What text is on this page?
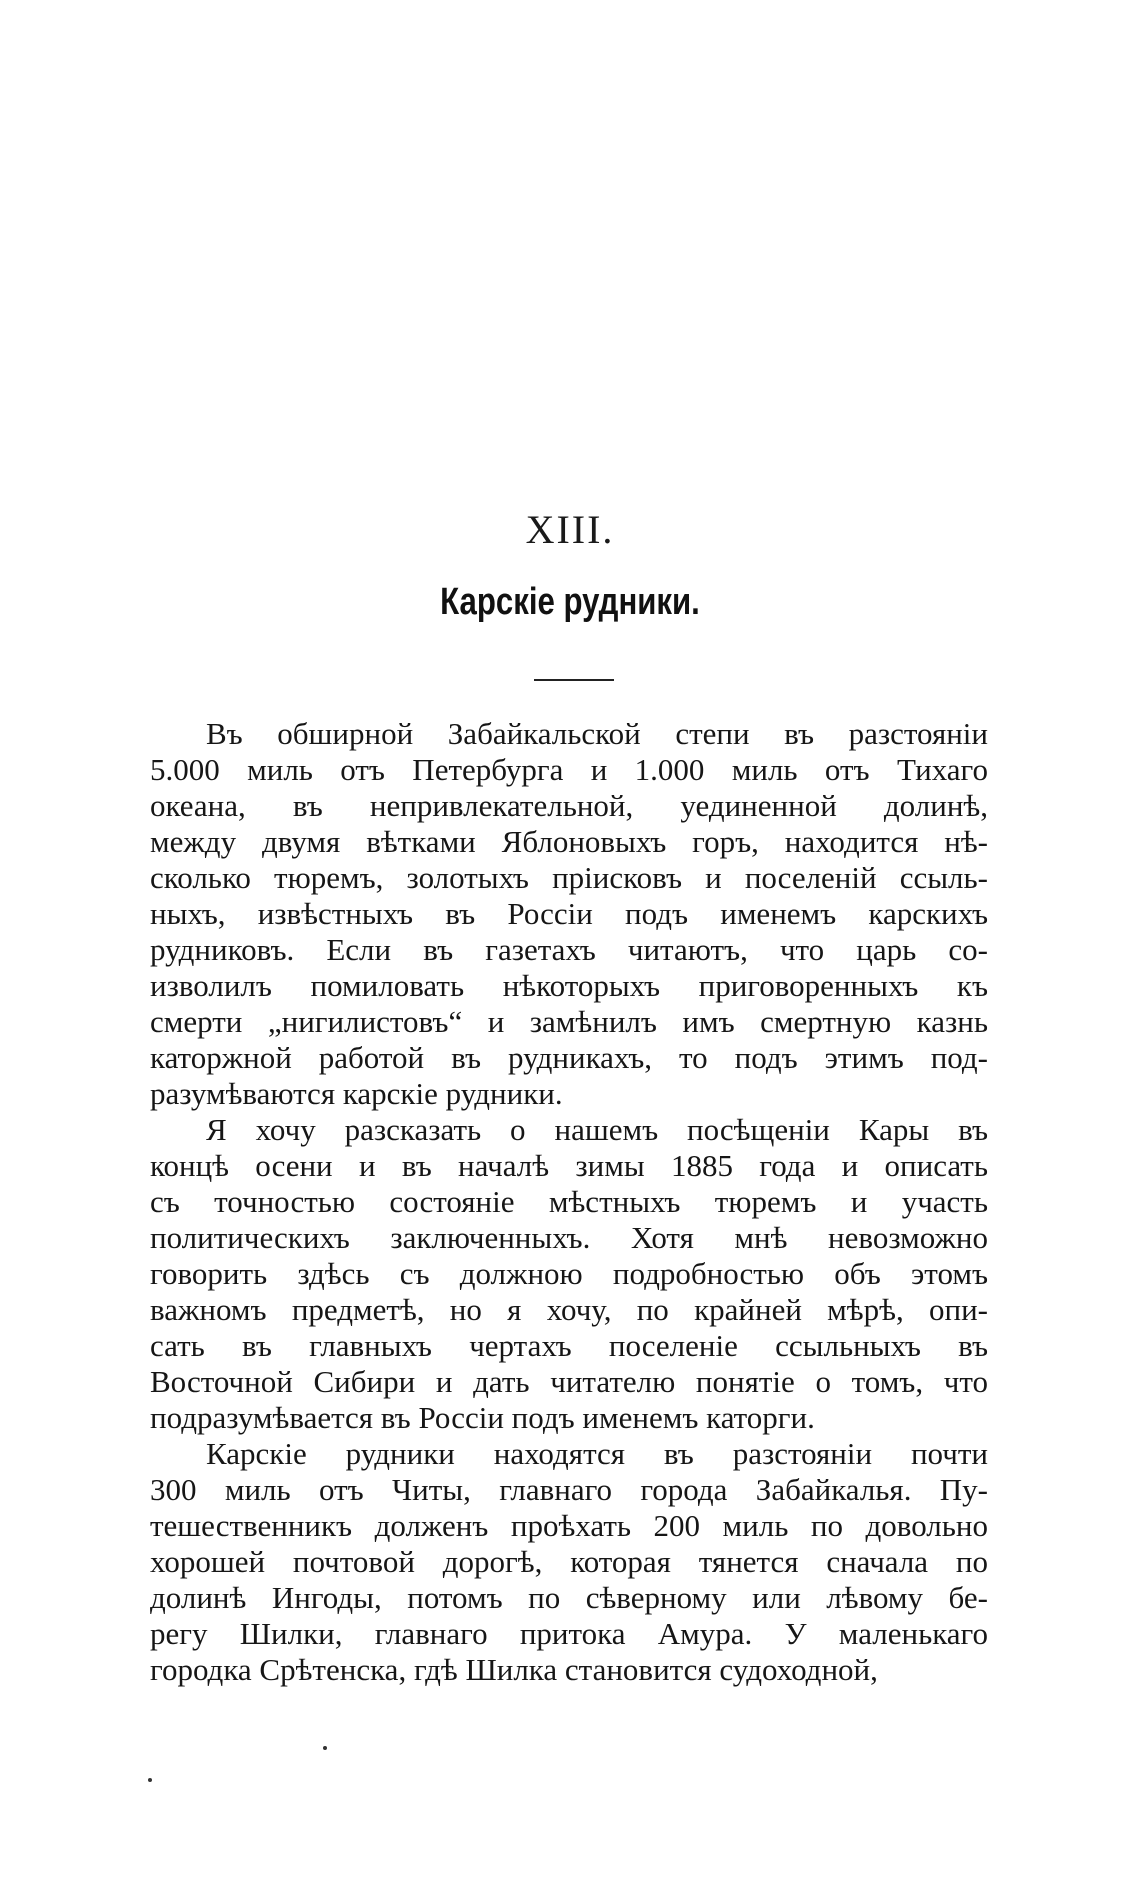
XIII.
Карскіе рудники.
Въ обширной Забайкальской степи въ разстояніи
5.000 миль отъ Петербурга и 1.000 миль отъ Тихаго
океана, въ непривлекательной, уединенной долинѣ,
между двумя вѣтками Яблоновыхъ горъ, находится нѣ-
сколько тюремъ, золотыхъ пріисковъ и поселеній ссыль-
ныхъ, извѣстныхъ въ Россіи подъ именемъ карскихъ
рудниковъ. Если въ газетахъ читаютъ, что царь со-
изволилъ помиловать нѣкоторыхъ приговоренныхъ къ
смерти „нигилистовъ“ и замѣнилъ имъ смертную казнь
каторжной работой въ рудникахъ, то подъ этимъ под-
разумѣваются карскіе рудники.
Я хочу разсказать о нашемъ посѣщеніи Кары въ
концѣ осени и въ началѣ зимы 1885 года и описать
съ точностью состояніе мѣстныхъ тюремъ и участь
политическихъ заключенныхъ. Хотя мнѣ невозможно
говорить здѣсь съ должною подробностью объ этомъ
важномъ предметѣ, но я хочу, по крайней мѣрѣ, опи-
сать въ главныхъ чертахъ поселеніе ссыльныхъ въ
Восточной Сибири и дать читателю понятіе о томъ, что
подразумѣвается въ Россіи подъ именемъ каторги.
Карскіе рудники находятся въ разстояніи почти
300 миль отъ Читы, главнаго города Забайкалья. Пу-
тешественникъ долженъ проѣхать 200 миль по довольно
хорошей почтовой дорогѣ, которая тянется сначала по
долинѣ Ингоды, потомъ по сѣверному или лѣвому бе-
регу Шилки, главнаго притока Амура. У маленькаго
городка Срѣтенска, гдѣ Шилка становится судоходной,
